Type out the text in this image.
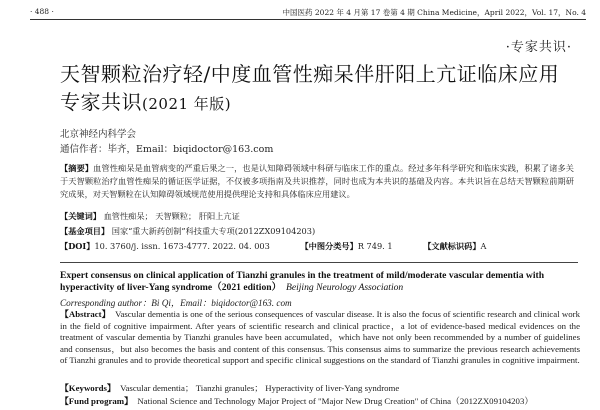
· 488 ·	中国医药 2022 年 4 月第 17 卷第 4 期 China Medicine，April 2022，Vol. 17，No. 4
·专家共识·
天智颗粒治疗轻/中度血管性痴呆伴肝阳上亢证临床应用专家共识(2021 年版)
北京神经内科学会
通信作者：毕齐，Email：biqidoctor@163.com
【摘要】血管性痴呆是血管病变的严重后果之一，也是认知障碍领域中科研与临床工作的重点。经过多年科学研究和临床实践，积累了诸多关于天智颗粒治疗血管性痴呆的循证医学证据，不仅被多项指南及共识推荐，同时也成为本共识的基础及内容。本共识旨在总结天智颗粒前期研究成果，对天智颗粒在认知障碍领域规范使用提供理论支持和具体临床应用建议。
【关键词】 血管性痴呆； 天智颗粒； 肝阳上亢证
【基金项目】 国家“重大新药创制”科技重大专项(2012ZX09104203)
【DOI】10. 3760/j. issn. 1673-4777. 2022. 04. 003	【中图分类号】R 749. 1	【文献标识码】A
Expert consensus on clinical application of Tianzhi granules in the treatment of mild/moderate vascular dementia with hyperactivity of liver-Yang syndrome（2021 edition） Beijing Neurology Association
Corresponding author：Bi Qi，Email：biqidoctor@163. com
【Abstract】 Vascular dementia is one of the serious consequences of vascular disease. It is also the focus of scientific research and clinical work in the field of cognitive impairment. After years of scientific research and clinical practice，a lot of evidence-based medical evidences on the treatment of vascular dementia by Tianzhi granules have been accumulated，which have not only been recommended by a number of guidelines and consensus，but also becomes the basis and content of this consensus. This consensus aims to summarize the previous research achievements of Tianzhi granules and to provide theoretical support and specific clinical suggestions on the standard of Tianzhi granules in cognitive impairment.
【Keywords】 Vascular dementia； Tianzhi granules； Hyperactivity of liver-Yang syndrome
【Fund program】 National Science and Technology Major Project of "Major New Drug Creation" of China（2012ZX09104203）
